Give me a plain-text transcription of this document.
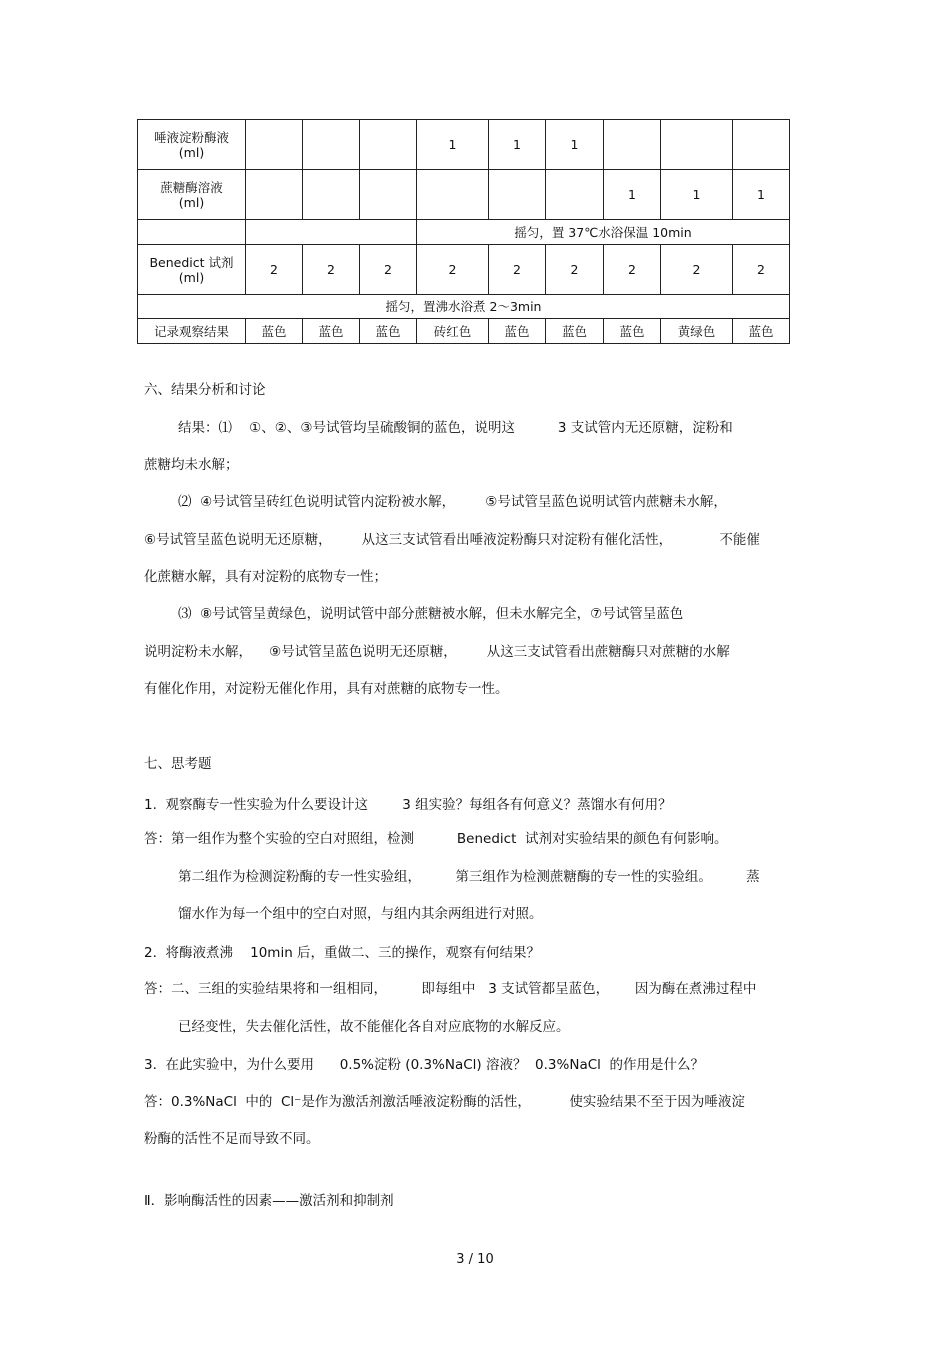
唾液淀粉酶液
(ml)				1	1	1			

蔗糖酶溶液
(ml)							1	1	1
				摇匀，置 37℃水浴保温 10min					

Benedict 试剂
(ml)	2	2	2	2	2	2	2	2	2
摇匀，置沸水浴煮 2～3min									
记录观察结果	蓝色	蓝色	蓝色	砖红色	蓝色	蓝色	蓝色	黄绿色	蓝色
六、结果分析和讨论
结果：⑴    ①、②、③号试管均呈硫酸铜的蓝色，说明这          3 支试管内无还原糖，淀粉和
蔗糖均未水解；
⑵  ④号试管呈砖红色说明试管内淀粉被水解，       ⑤号试管呈蓝色说明试管内蔗糖未水解，
⑥号试管呈蓝色说明无还原糖，       从这三支试管看出唾液淀粉酶只对淀粉有催化活性，           不能催
化蔗糖水解，具有对淀粉的底物专一性；
⑶  ⑧号试管呈黄绿色，说明试管中部分蔗糖被水解，但未水解完全，⑦号试管呈蓝色
说明淀粉未水解，    ⑨号试管呈蓝色说明无还原糖，       从这三支试管看出蔗糖酶只对蔗糖的水解
有催化作用，对淀粉无催化作用，具有对蔗糖的底物专一性。
七、思考题
1.  观察酶专一性实验为什么要设计这        3 组实验？每组各有何意义？蒸馏水有何用？
答：第一组作为整个实验的空白对照组，检测          Benedict  试剂对实验结果的颜色有何影响。
第二组作为检测淀粉酶的专一性实验组，        第三组作为检测蔗糖酶的专一性的实验组。        蒸
馏水作为每一个组中的空白对照，与组内其余两组进行对照。
2.  将酶液煮沸    10min 后，重做二、三的操作，观察有何结果？
答：二、三组的实验结果将和一组相同，        即每组中   3 支试管都呈蓝色，      因为酶在煮沸过程中
已经变性，失去催化活性，故不能催化各自对应底物的水解反应。
3.  在此实验中，为什么要用      0.5%淀粉 (0.3%NaCl) 溶液？  0.3%NaCl  的作用是什么？
答：0.3%NaCl  中的  Cl⁻是作为激活剂激活唾液淀粉酶的活性，         使实验结果不至于因为唾液淀
粉酶的活性不足而导致不同。
Ⅱ．影响酶活性的因素——激活剂和抑制剂
3 / 10
